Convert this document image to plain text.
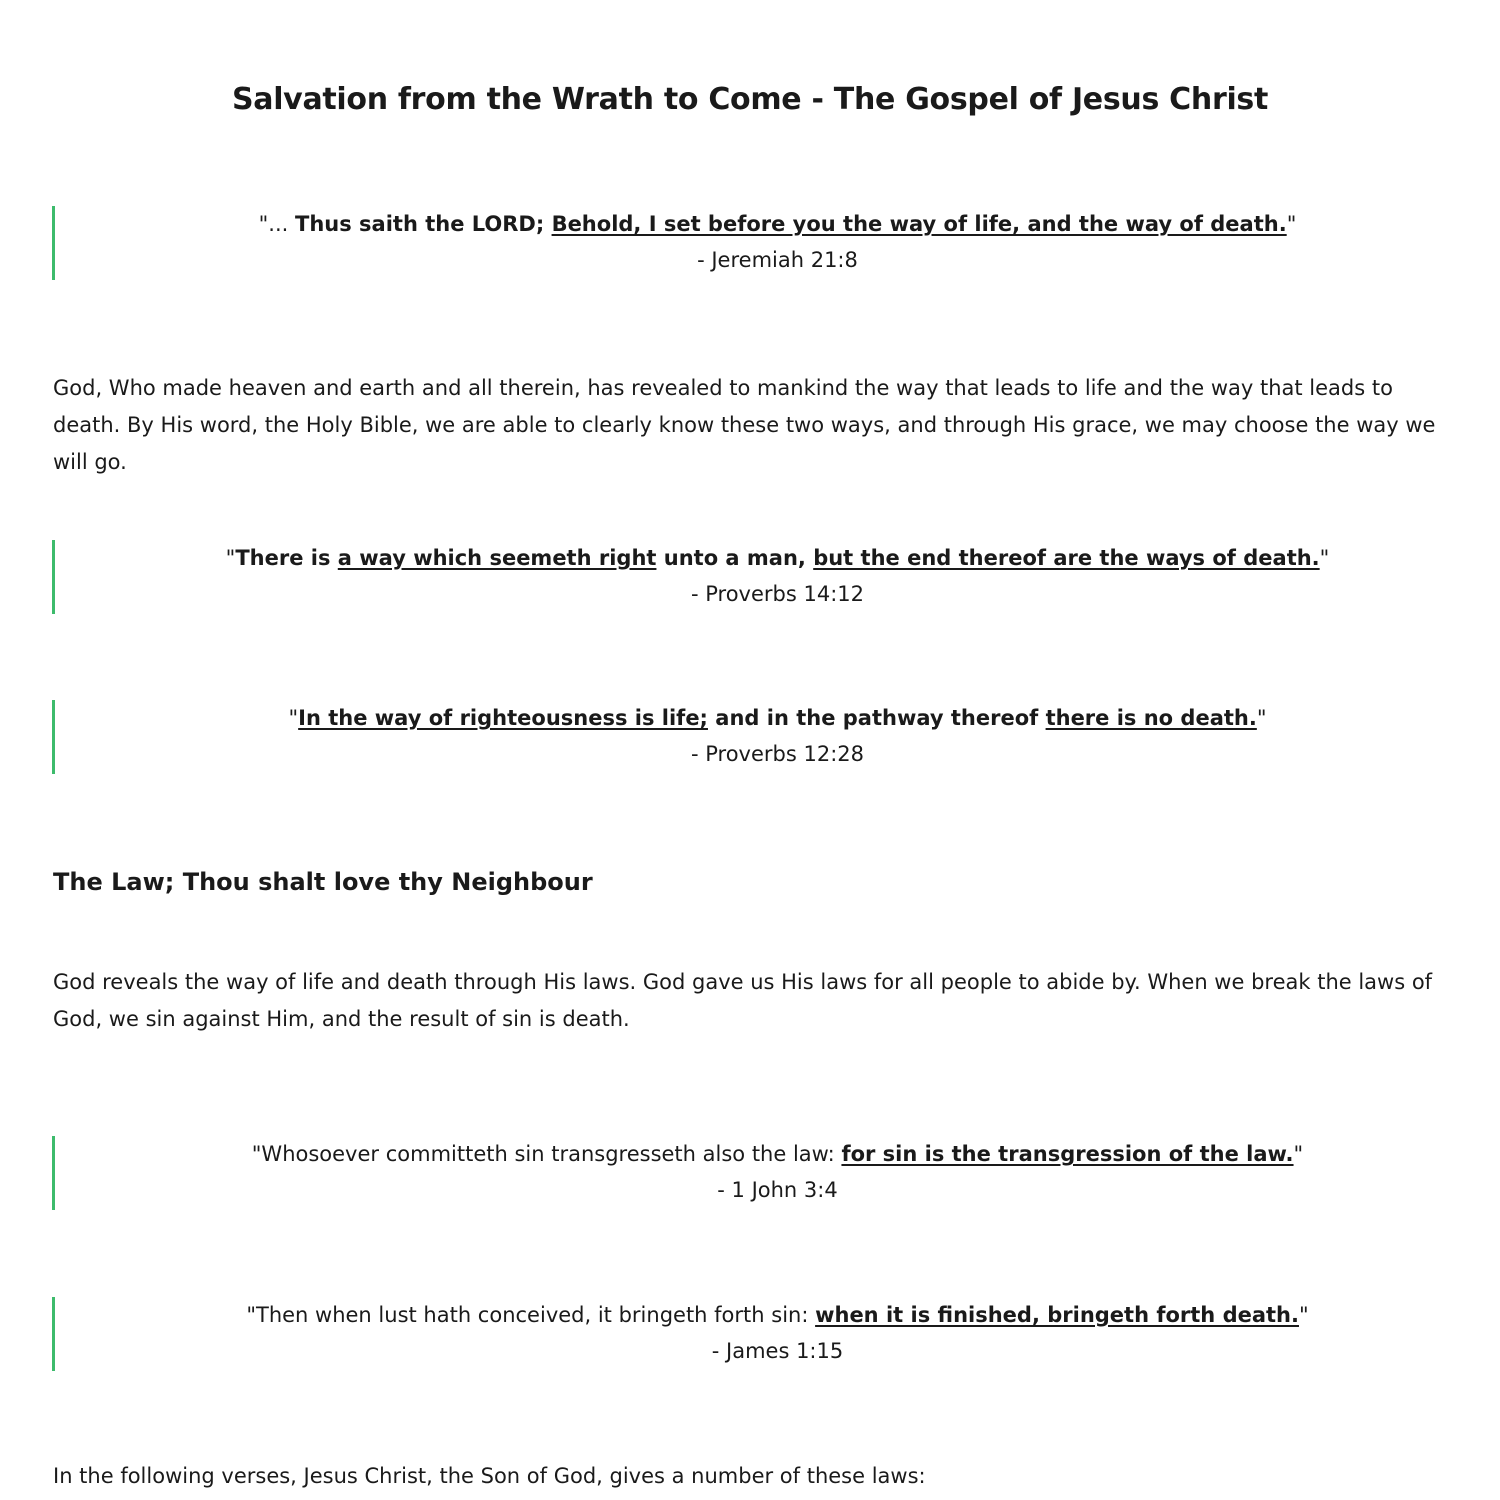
Salvation from the Wrath to Come - The Gospel of Jesus Christ
"... Thus saith the LORD; Behold, I set before you the way of life, and the way of death."
- Jeremiah 21:8

God, Who made heaven and earth and all therein, has revealed to mankind the way that leads to life and the way that leads to death. By His word, the Holy Bible, we are able to clearly know these two ways, and through His grace, we may choose the way we will go.

"There is a way which seemeth right unto a man, but the end thereof are the ways of death."
- Proverbs 14:12
"In the way of righteousness is life; and in the pathway thereof there is no death."
- Proverbs 12:28
The Law; Thou shalt love thy Neighbour

God reveals the way of life and death through His laws. God gave us His laws for all people to abide by. When we break the laws of God, we sin against Him, and the result of sin is death.

"Whosoever committeth sin transgresseth also the law: for sin is the transgression of the law."
- 1 John 3:4
"Then when lust hath conceived, it bringeth forth sin: when it is finished, bringeth forth death."
- James 1:15

In the following verses, Jesus Christ, the Son of God, gives a number of these laws:
